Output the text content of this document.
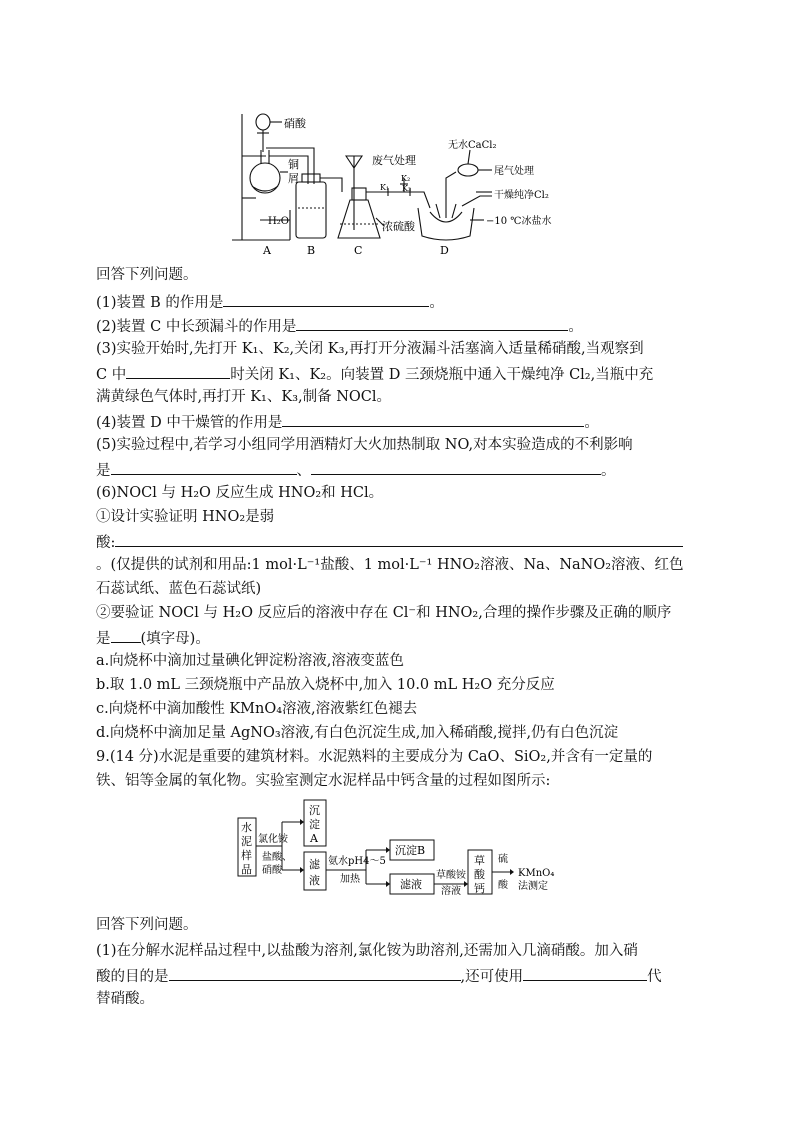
硝酸
铜
屑
H₂O
废气处理
K₂
K₁ K₃
无水CaCl₂
尾气处理
干燥纯净Cl₂
浓硫酸	−10 ℃冰盐水
A	B	C	D
回答下列问题。
(1)装置 B 的作用是	。
(2)装置 C 中长颈漏斗的作用是	。
(3)实验开始时,先打开 K₁、K₂,关闭 K₃,再打开分液漏斗活塞滴入适量稀硝酸,当观察到
C 中	时关闭 K₁、K₂。向装置 D 三颈烧瓶中通入干燥纯净 Cl₂,当瓶中充
满黄绿色气体时,再打开 K₁、K₃,制备 NOCl。
(4)装置 D 中干燥管的作用是	。
(5)实验过程中,若学习小组同学用酒精灯大火加热制取 NO,对本实验造成的不利影响
是	、	。
(6)NOCl 与 H₂O 反应生成 HNO₂和 HCl。
①设计实验证明 HNO₂是弱
酸:
。(仅提供的试剂和用品:1 mol·L⁻¹盐酸、1 mol·L⁻¹ HNO₂溶液、Na、NaNO₂溶液、红色
石蕊试纸、蓝色石蕊试纸)
②要验证 NOCl 与 H₂O 反应后的溶液中存在 Cl⁻和 HNO₂,合理的操作步骤及正确的顺序
是 (填字母)。
a.向烧杯中滴加过量碘化钾淀粉溶液,溶液变蓝色
b.取 1.0 mL 三颈烧瓶中产品放入烧杯中,加入 10.0 mL H₂O 充分反应
c.向烧杯中滴加酸性 KMnO₄溶液,溶液紫红色褪去
d.向烧杯中滴加足量 AgNO₃溶液,有白色沉淀生成,加入稀硝酸,搅拌,仍有白色沉淀
9.(14 分)水泥是重要的建筑材料。水泥熟料的主要成分为 CaO、SiO₂,并含有一定量的
铁、铝等金属的氧化物。实验室测定水泥样品中钙含量的过程如图所示:
水
泥
样
品
氯化铵
盐酸、
硝酸
沉
淀
A
滤
液
氨水pH4～5
加热
沉淀B
滤液
草酸铵
溶液
草
酸
钙
硫
酸
KMnO₄
法测定
回答下列问题。
(1)在分解水泥样品过程中,以盐酸为溶剂,氯化铵为助溶剂,还需加入几滴硝酸。加入硝
酸的目的是	,还可使用	代
替硝酸。
